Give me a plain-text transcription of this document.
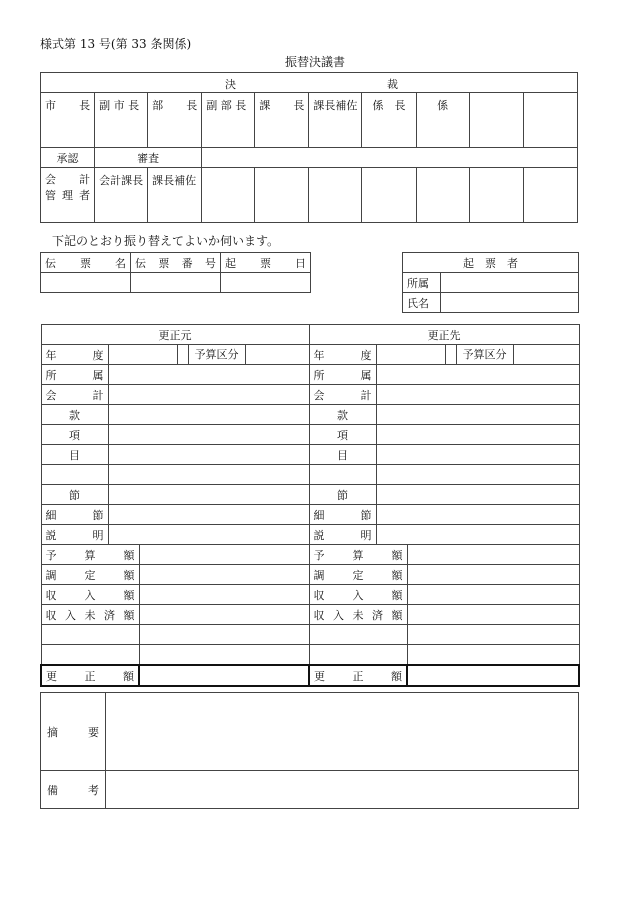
様式第 13 号(第 33 条関係)
振替決議書
決 裁									

市　長	副 市 長	部　長	副 部 長	課　長	課長補佐	係　長	係		
承認	審査								
会　計
管 理 者	会計課長	課長補佐							
下記のとおり振り替えてよいか伺います。
伝　票　名	伝　票　番　号	起　票　日
			起　票　者	
所属	
氏名	
更正元				更正先			
年　　度			予算区分	年　　度			予算区分

所　　属				所　　属			
会　　計				会　　計			
款				款			
項				項			
目				目			

節				節			
細　　節				細　　節			
説　　明				説　　明			
予　算　額				予　算　額			
調　定　額				調　定　額			
収　入　額				収　入　額			
収入未済額				収入未済額			

更　正　額				更　正　額			
摘　　要	
備　　考	
